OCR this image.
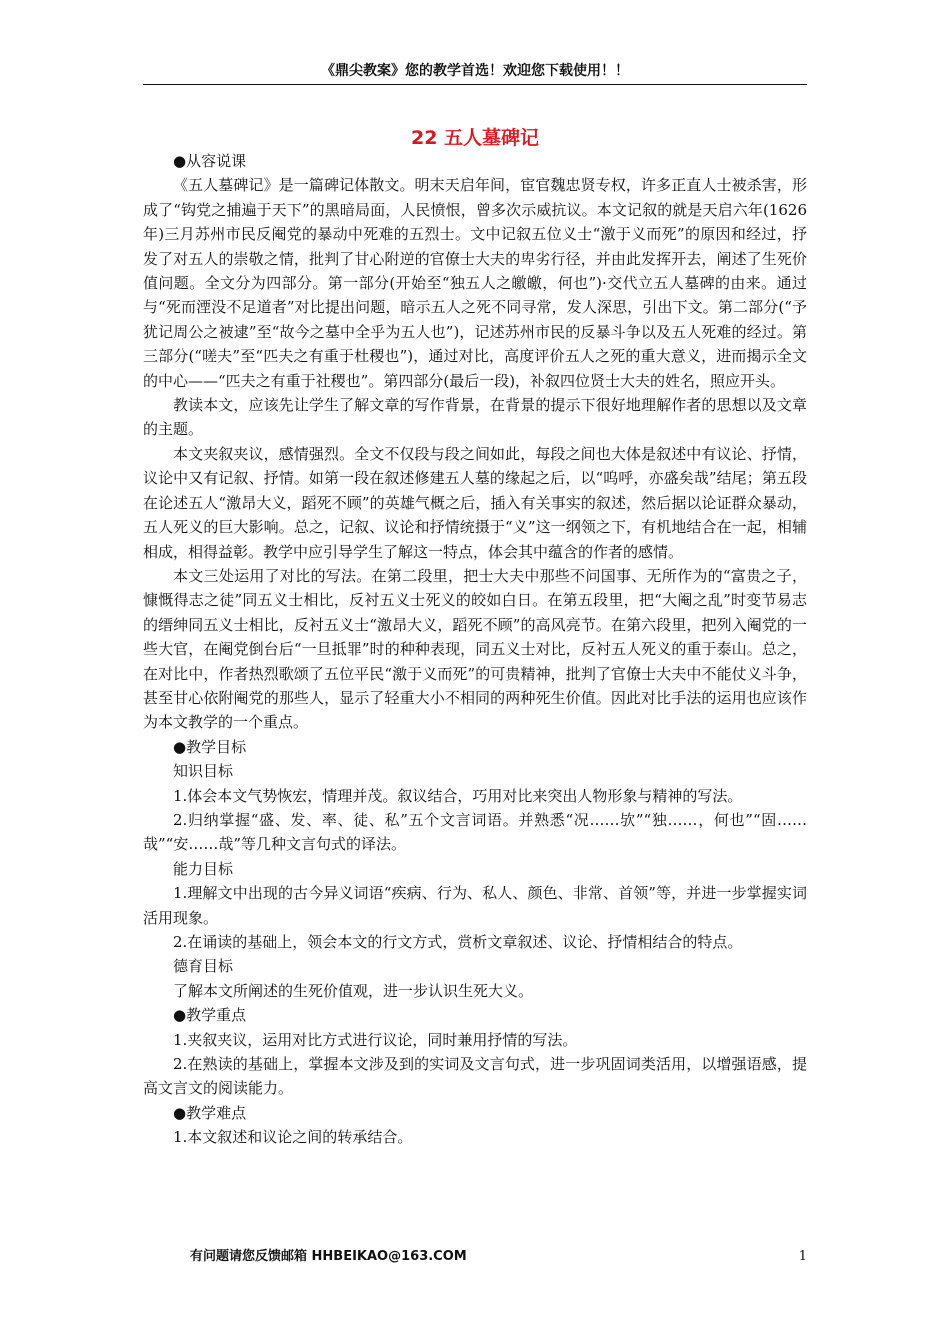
《鼎尖教案》您的教学首选！欢迎您下载使用！！
22 五人墓碑记

●从容说课

《五人墓碑记》是一篇碑记体散文。明末天启年间，宦官魏忠贤专权，许多正直人士被杀害，形成了“钩党之捕遍于天下”的黑暗局面，人民愤恨，曾多次示威抗议。本文记叙的就是天启六年(1626年)三月苏州市民反阉党的暴动中死难的五烈士。文中记叙五位义士“激于义而死”的原因和经过，抒发了对五人的崇敬之情，批判了甘心附逆的官僚士大夫的卑劣行径，并由此发挥开去，阐述了生死价值问题。全文分为四部分。第一部分(开始至“独五人之皦皦，何也”)·交代立五人墓碑的由来。通过与“死而湮没不足道者”对比提出问题，暗示五人之死不同寻常，发人深思，引出下文。第二部分(“予犹记周公之被逮”至“故今之墓中全乎为五人也”)，记述苏州市民的反暴斗争以及五人死难的经过。第三部分(“嗟夫”至“匹夫之有重于杜稷也”)，通过对比，高度评价五人之死的重大意义，进而揭示全文的中心——“匹夫之有重于社稷也”。第四部分(最后一段)，补叙四位贤士大夫的姓名，照应开头。

教读本文，应该先让学生了解文章的写作背景，在背景的提示下很好地理解作者的思想以及文章的主题。

本文夹叙夹议，感情强烈。全文不仅段与段之间如此，每段之间也大体是叙述中有议论、抒情，议论中又有记叙、抒情。如第一段在叙述修建五人墓的缘起之后，以“呜呼，亦盛矣哉”结尾；第五段在论述五人“激昂大义，蹈死不顾”的英雄气概之后，插入有关事实的叙述，然后据以论证群众暴动，五人死义的巨大影响。总之，记叙、议论和抒情统摄于“义”这一纲领之下，有机地结合在一起，相辅相成，相得益彰。教学中应引导学生了解这一特点，体会其中蕴含的作者的感情。

本文三处运用了对比的写法。在第二段里，把士大夫中那些不问国事、无所作为的“富贵之子，慷慨得志之徒”同五义士相比，反衬五义士死义的皎如白日。在第五段里，把“大阉之乱”时变节易志的缙绅同五义士相比，反衬五义士“激昂大义，蹈死不顾”的高风亮节。在第六段里，把列入阉党的一些大官，在阉党倒台后“一旦抵罪”时的种种表现，同五义士对比，反衬五人死义的重于泰山。总之，在对比中，作者热烈歌颂了五位平民“激于义而死”的可贵精神，批判了官僚士大夫中不能仗义斗争，甚至甘心依附阉党的那些人，显示了轻重大小不相同的两种死生价值。因此对比手法的运用也应该作为本文教学的一个重点。

●教学目标

知识目标

1.体会本文气势恢宏，情理并茂。叙议结合，巧用对比来突出人物形象与精神的写法。

2.归纳掌握“盛、发、率、徒、私”五个文言词语。并熟悉“况……欤”“独……，何也”“固……哉”“安……哉”等几种文言句式的译法。

能力目标

1.理解文中出现的古今异义词语“疾病、行为、私人、颜色、非常、首领”等，并进一步掌握实词活用现象。

2.在诵读的基础上，领会本文的行文方式，赏析文章叙述、议论、抒情相结合的特点。

德育目标

了解本文所阐述的生死价值观，进一步认识生死大义。

●教学重点

1.夹叙夹议，运用对比方式进行议论，同时兼用抒情的写法。

2.在熟读的基础上，掌握本文涉及到的实词及文言句式，进一步巩固词类活用，以增强语感，提高文言文的阅读能力。

●教学难点

1.本文叙述和议论之间的转承结合。

有问题请您反馈邮箱 HHBEIKAO@163.COM	1
